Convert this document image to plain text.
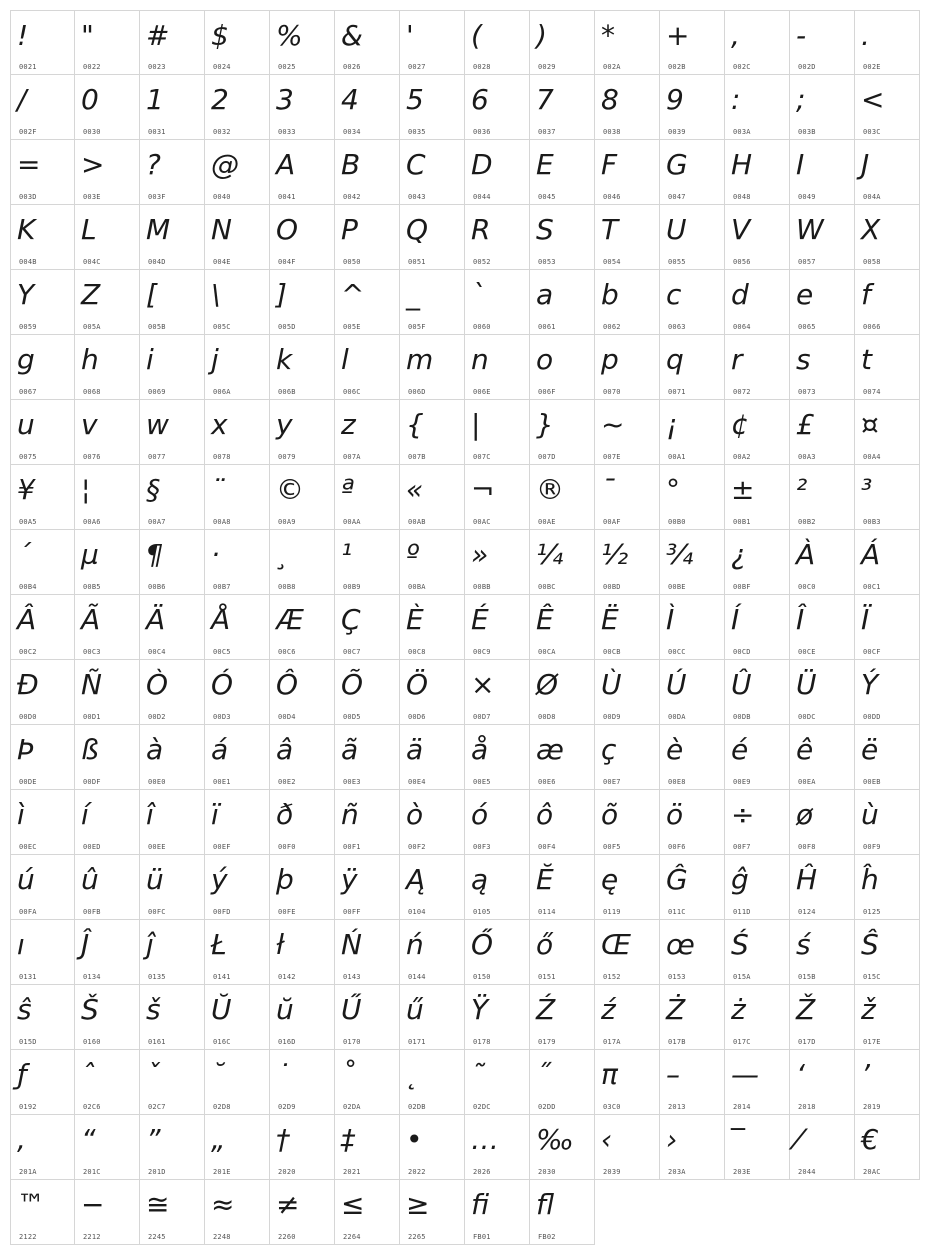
!
0021
"
0022
#
0023
$
0024
%
0025
&
0026
'
0027
(
0028
)
0029
*
002A
+
002B
,
002C
-
002D
.
002E
/
002F
0
0030
1
0031
2
0032
3
0033
4
0034
5
0035
6
0036
7
0037
8
0038
9
0039
:
003A
;
003B
<
003C
=
003D
>
003E
?
003F
@
0040
A
0041
B
0042
C
0043
D
0044
E
0045
F
0046
G
0047
H
0048
I
0049
J
004A
K
004B
L
004C
M
004D
N
004E
O
004F
P
0050
Q
0051
R
0052
S
0053
T
0054
U
0055
V
0056
W
0057
X
0058
Y
0059
Z
005A
[
005B
\
005C
]
005D
^
005E
_
005F
`
0060
a
0061
b
0062
c
0063
d
0064
e
0065
f
0066
g
0067
h
0068
i
0069
j
006A
k
006B
l
006C
m
006D
n
006E
o
006F
p
0070
q
0071
r
0072
s
0073
t
0074
u
0075
v
0076
w
0077
x
0078
y
0079
z
007A
{
007B
|
007C
}
007D
~
007E
¡
00A1
¢
00A2
£
00A3
¤
00A4
¥
00A5
¦
00A6
§
00A7
¨
00A8
©
00A9
ª
00AA
«
00AB
¬
00AC
®
00AE
¯
00AF
°
00B0
±
00B1
²
00B2
³
00B3
´
00B4
µ
00B5
¶
00B6
·
00B7
¸
00B8
¹
00B9
º
00BA
»
00BB
¼
00BC
½
00BD
¾
00BE
¿
00BF
À
00C0
Á
00C1
Â
00C2
Ã
00C3
Ä
00C4
Å
00C5
Æ
00C6
Ç
00C7
È
00C8
É
00C9
Ê
00CA
Ë
00CB
Ì
00CC
Í
00CD
Î
00CE
Ï
00CF
Ð
00D0
Ñ
00D1
Ò
00D2
Ó
00D3
Ô
00D4
Õ
00D5
Ö
00D6
×
00D7
Ø
00D8
Ù
00D9
Ú
00DA
Û
00DB
Ü
00DC
Ý
00DD
Þ
00DE
ß
00DF
à
00E0
á
00E1
â
00E2
ã
00E3
ä
00E4
å
00E5
æ
00E6
ç
00E7
è
00E8
é
00E9
ê
00EA
ë
00EB
ì
00EC
í
00ED
î
00EE
ï
00EF
ð
00F0
ñ
00F1
ò
00F2
ó
00F3
ô
00F4
õ
00F5
ö
00F6
÷
00F7
ø
00F8
ù
00F9
ú
00FA
û
00FB
ü
00FC
ý
00FD
þ
00FE
ÿ
00FF
Ą
0104
ą
0105
Ĕ
0114
ę
0119
Ĝ
011C
ĝ
011D
Ĥ
0124
ĥ
0125
ı
0131
Ĵ
0134
ĵ
0135
Ł
0141
ł
0142
Ń
0143
ń
0144
Ő
0150
ő
0151
Œ
0152
œ
0153
Ś
015A
ś
015B
Ŝ
015C
ŝ
015D
Š
0160
š
0161
Ŭ
016C
ŭ
016D
Ű
0170
ű
0171
Ÿ
0178
Ź
0179
ź
017A
Ż
017B
ż
017C
Ž
017D
ž
017E
ƒ
0192
ˆ
02C6
ˇ
02C7
˘
02D8
˙
02D9
˚
02DA
˛
02DB
˜
02DC
˝
02DD
π
03C0
–
2013
—
2014
‘
2018
’
2019
‚
201A
“
201C
”
201D
„
201E
†
2020
‡
2021
•
2022
…
2026
‰
2030
‹
2039
›
203A
‾
203E
⁄
2044
€
20AC
™
2122
−
2212
≅
2245
≈
2248
≠
2260
≤
2264
≥
2265
ﬁ
FB01
ﬂ
FB02
